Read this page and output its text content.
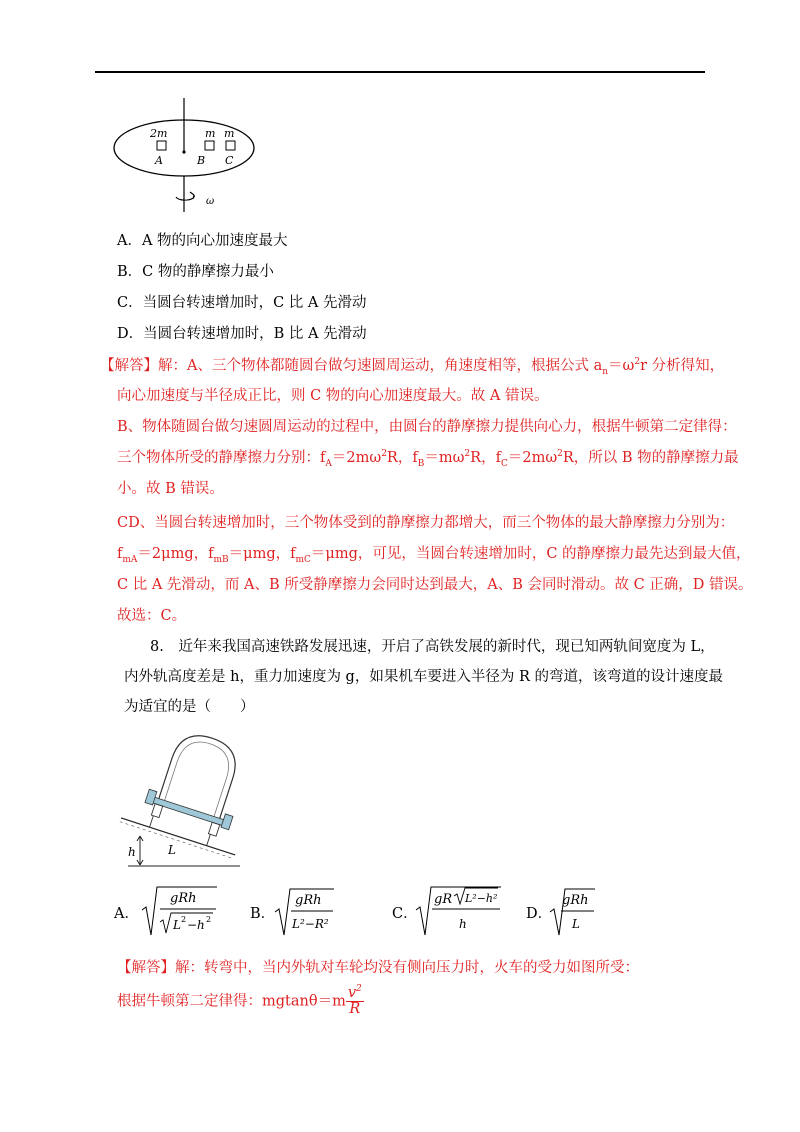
2m	m m
A	B C
ω
A．A 物的向心加速度最大
B．C 物的静摩擦力最小
C．当圆台转速增加时，C 比 A 先滑动
D．当圆台转速增加时，B 比 A 先滑动
【解答】解：A、三个物体都随圆台做匀速圆周运动，角速度相等，根据公式 $a_n=\omega^2r$ 分析得知，
向心加速度与半径成正比，则 C 物的向心加速度最大。故 A 错误。
B、物体随圆台做匀速圆周运动的过程中，由圆台的静摩擦力提供向心力，根据牛顿第二定律得：
三个物体所受的静摩擦力分别：$f_A=2m\omega^2R$，$f_B=m\omega^2R$，$f_C=2m\omega^2R$，所以 B 物的静摩擦力最
小。故 B 错误。
CD、当圆台转速增加时，三个物体受到的静摩擦力都增大，而三个物体的最大静摩擦力分别为：
$f_{mA}=2\mu mg$，$f_{mB}=\mu mg$，$f_{mC}=\mu mg$，可见，当圆台转速增加时，C 的静摩擦力最先达到最大值，
C 比 A 先滑动，而 A、B 所受静摩擦力会同时达到最大，A、B 会同时滑动。故 C 正确，D 错误。
故选：C。
8.　近年来我国高速铁路发展迅速，开启了高铁发展的新时代，现已知两轨间宽度为 L，
内外轨高度差是 h，重力加速度为 g，如果机车要进入半径为 R 的弯道，该弯道的设计速度最
为适宜的是（　　）
h	L
A．
gRh
L 2 −h 2	B．
gRh
L²−R²
C．
gR L²−h²
h
D．
gRh
L
【解答】解：转弯中，当内外轨对车轮均没有侧向压力时，火车的受力如图所受：
根据牛顿第二定律得：$mgtan\theta=m \frac{v^2}{R}$
